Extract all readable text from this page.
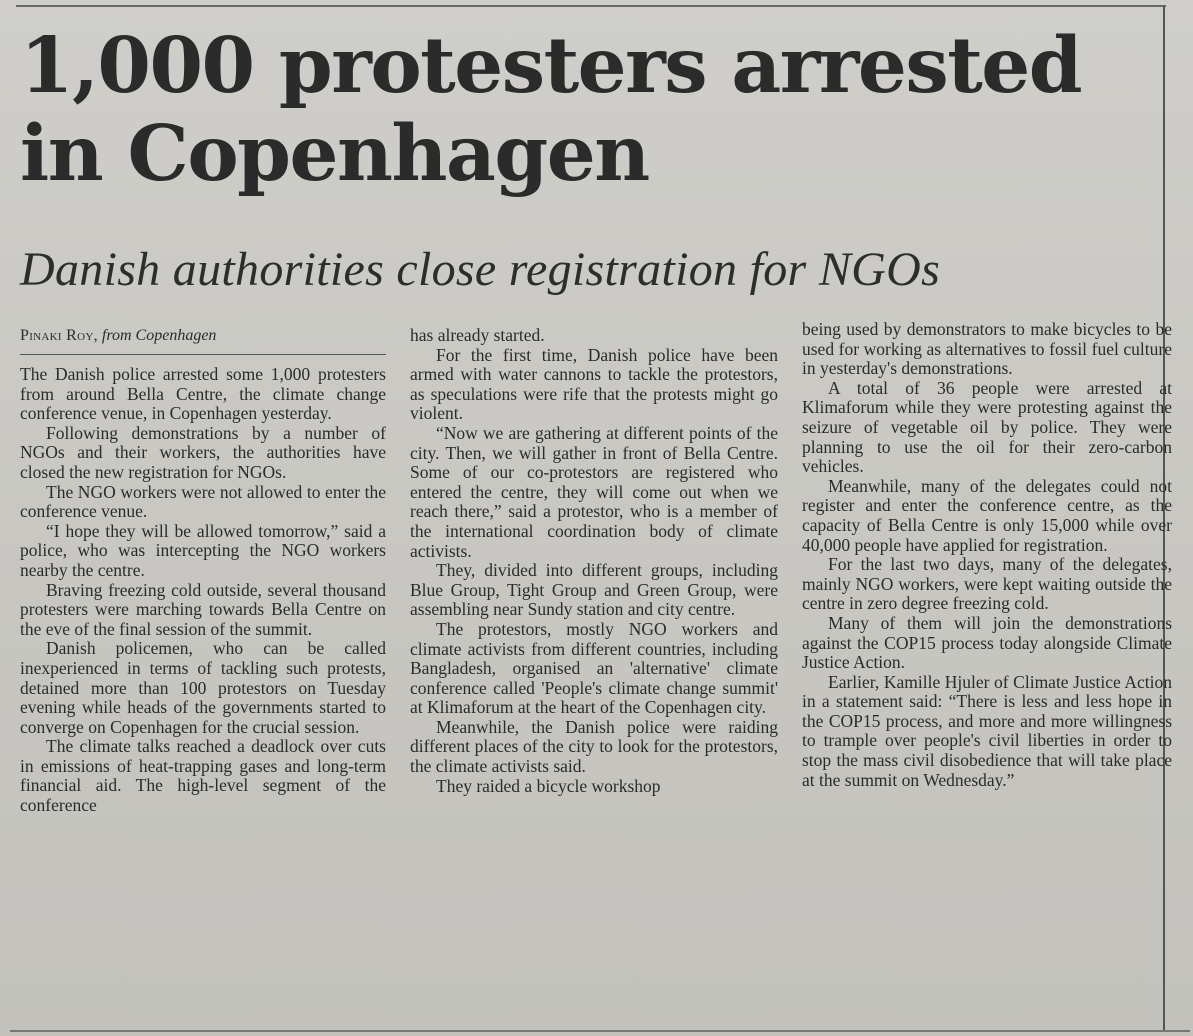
1,000 protesters arrested in Copenhagen
Danish authorities close registration for NGOs
Pinaki Roy, from Copenhagen

The Danish police arrested some 1,000 protesters from around Bella Centre, the climate change conference venue, in Copenhagen yesterday.

Following demonstrations by a number of NGOs and their workers, the authorities have closed the new registration for NGOs.

The NGO workers were not allowed to enter the conference venue.

“I hope they will be allowed tomorrow,” said a police, who was intercepting the NGO workers nearby the centre.

Braving freezing cold outside, several thousand protesters were marching towards Bella Centre on the eve of the final session of the summit.

Danish policemen, who can be called inexperienced in terms of tackling such protests, detained more than 100 protestors on Tuesday evening while heads of the governments started to converge on Copenhagen for the crucial session.

The climate talks reached a deadlock over cuts in emissions of heat-trapping gases and long-term financial aid. The high-level segment of the conference

has already started.

For the first time, Danish police have been armed with water cannons to tackle the protestors, as speculations were rife that the protests might go violent.

“Now we are gathering at different points of the city. Then, we will gather in front of Bella Centre. Some of our co-protestors are registered who entered the centre, they will come out when we reach there,” said a protestor, who is a member of the international coordination body of climate activists.

They, divided into different groups, including Blue Group, Tight Group and Green Group, were assembling near Sundy station and city centre.

The protestors, mostly NGO workers and climate activists from different countries, including Bangladesh, organised an 'alternative' climate conference called 'People's climate change summit' at Klimaforum at the heart of the Copenhagen city.

Meanwhile, the Danish police were raiding different places of the city to look for the protestors, the climate activists said.

They raided a bicycle workshop

being used by demonstrators to make bicycles to be used for working as alternatives to fossil fuel culture in yesterday's demonstrations.

A total of 36 people were arrested at Klimaforum while they were protesting against the seizure of vegetable oil by police. They were planning to use the oil for their zero-carbon vehicles.

Meanwhile, many of the delegates could not register and enter the conference centre, as the capacity of Bella Centre is only 15,000 while over 40,000 people have applied for registration.

For the last two days, many of the delegates, mainly NGO workers, were kept waiting outside the centre in zero degree freezing cold.

Many of them will join the demonstrations against the COP15 process today alongside Climate Justice Action.

Earlier, Kamille Hjuler of Climate Justice Action in a statement said: “There is less and less hope in the COP15 process, and more and more willingness to trample over people's civil liberties in order to stop the mass civil disobedience that will take place at the summit on Wednesday.”
